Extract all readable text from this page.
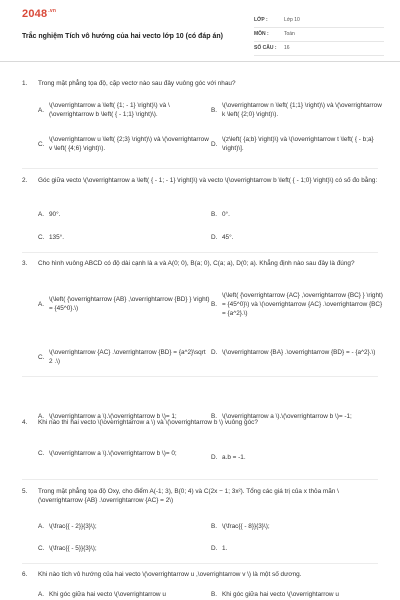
$2048^{.vn}$
Trắc nghiệm Tích vô hướng của hai vecto lớp 10 (có đáp án)
LỚP :	Lớp 10
MÔN :	Toán
SỐ CÂU :	16
1.	Trong mặt phẳng tọa độ, cặp vectơ nào sau đây vuông góc với nhau?
A.
\(\overrightarrow a \left( {1; - 1} \right)\) và \(\overrightarrow b \left( { - 1;1} \right)\).
B.
\(\overrightarrow n \left( {1;1} \right)\) và \(\overrightarrow k \left( {2;0} \right)\).
C.
\(\overrightarrow u \left( {2;3} \right)\) và \(\overrightarrow v \left( {4;6} \right)\).
D.
\(z\left( {a;b} \right)\) và \(\overrightarrow t \left( { - b;a} \right)\].
2.	Góc giữa vecto \(\overrightarrow a \left( { - 1; - 1} \right)\) và vecto \(\overrightarrow b \left( { - 1;0} \right)\) có số đo bằng:
A. 90°.	B. 0°.
C. 135°.	D. 45°.
3.	Cho hình vuông ABCD có độ dài cạnh là a và A(0; 0), B(a; 0), C(a; a), D(0; a). Khẳng định nào sau đây là đúng?
A.
\(\left( {\overrightarrow {AB} ,\overrightarrow {BD} } \right) = {45^0}.\)
B.
\(\left( {\overrightarrow {AC} ,\overrightarrow {BC} } \right) = {45^0}\) và \(\overrightarrow {AC} .\overrightarrow {BC} = {a^2}.\)
C.
\(\overrightarrow {AC} .\overrightarrow {BD} = {a^2}\sqrt 2 .\)
D. \(\overrightarrow {BA} .\overrightarrow {BD} = - {a^2}.\)
4.	Khi nào thì hai vecto \(\overrightarrow a \) và \(\overrightarrow b \) vuông góc?
A. \(\overrightarrow a \).\(\overrightarrow b \)= 1;	B. \(\overrightarrow a \).\(\overrightarrow b \)= -1;
C. \(\overrightarrow a \).\(\overrightarrow b \)= 0;
D. a.b = -1.
5.	Trong mặt phẳng tọa độ Oxy, cho điểm A(-1; 3), B(0; 4) và C(2x − 1; 3x²). Tổng các giá trị của x thỏa mãn \(\overrightarrow {AB} .\overrightarrow {AC} = 2\)
A. \(\frac{{ - 2}}{3}\);	B. \(\frac{{ - 8}}{3}\);
C. \(\frac{{ - 5}}{3}\);	D. 1.
6.	Khi nào tích vô hướng của hai vecto \(\overrightarrow u ,\overrightarrow v \) là một số dương.
A. Khi góc giữa hai vecto \(\overrightarrow u	B. Khi góc giữa hai vecto \(\overrightarrow u
